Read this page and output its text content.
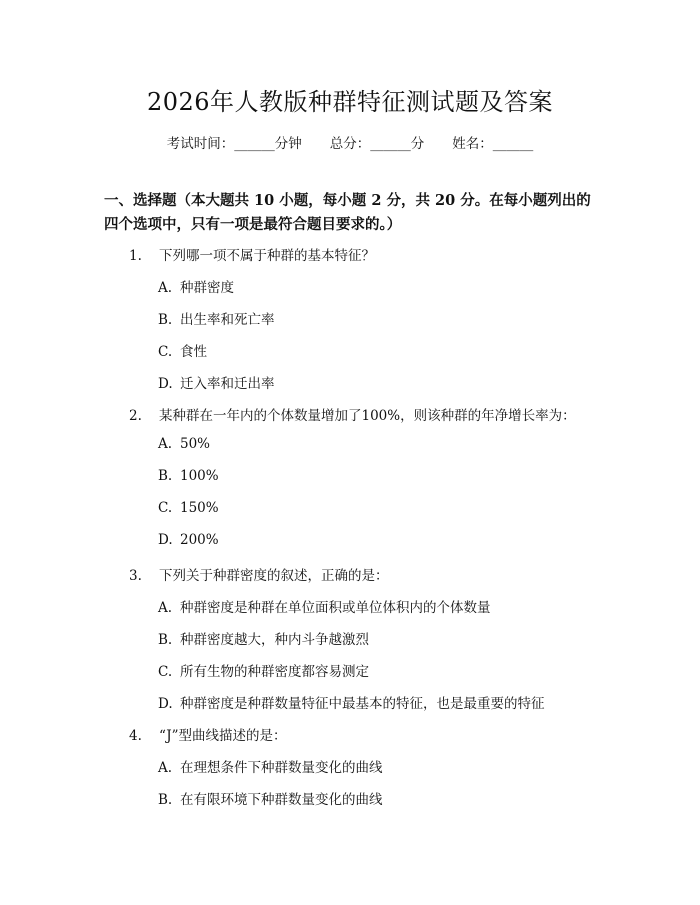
2026年人教版种群特征测试题及答案
考试时间：______分钟 总分：______分 姓名：______
一、选择题（本大题共 10 小题，每小题 2 分，共 20 分。在每小题列出的四个选项中，只有一项是最符合题目要求的。）
1. 下列哪一项不属于种群的基本特征？
A. 种群密度
B. 出生率和死亡率
C. 食性
D. 迁入率和迁出率
2. 某种群在一年内的个体数量增加了100%，则该种群的年净增长率为：
A. 50%
B. 100%
C. 150%
D. 200%
3. 下列关于种群密度的叙述，正确的是：
A. 种群密度是种群在单位面积或单位体积内的个体数量
B. 种群密度越大，种内斗争越激烈
C. 所有生物的种群密度都容易测定
D. 种群密度是种群数量特征中最基本的特征，也是最重要的特征
4. “J”型曲线描述的是：
A. 在理想条件下种群数量变化的曲线
B. 在有限环境下种群数量变化的曲线
